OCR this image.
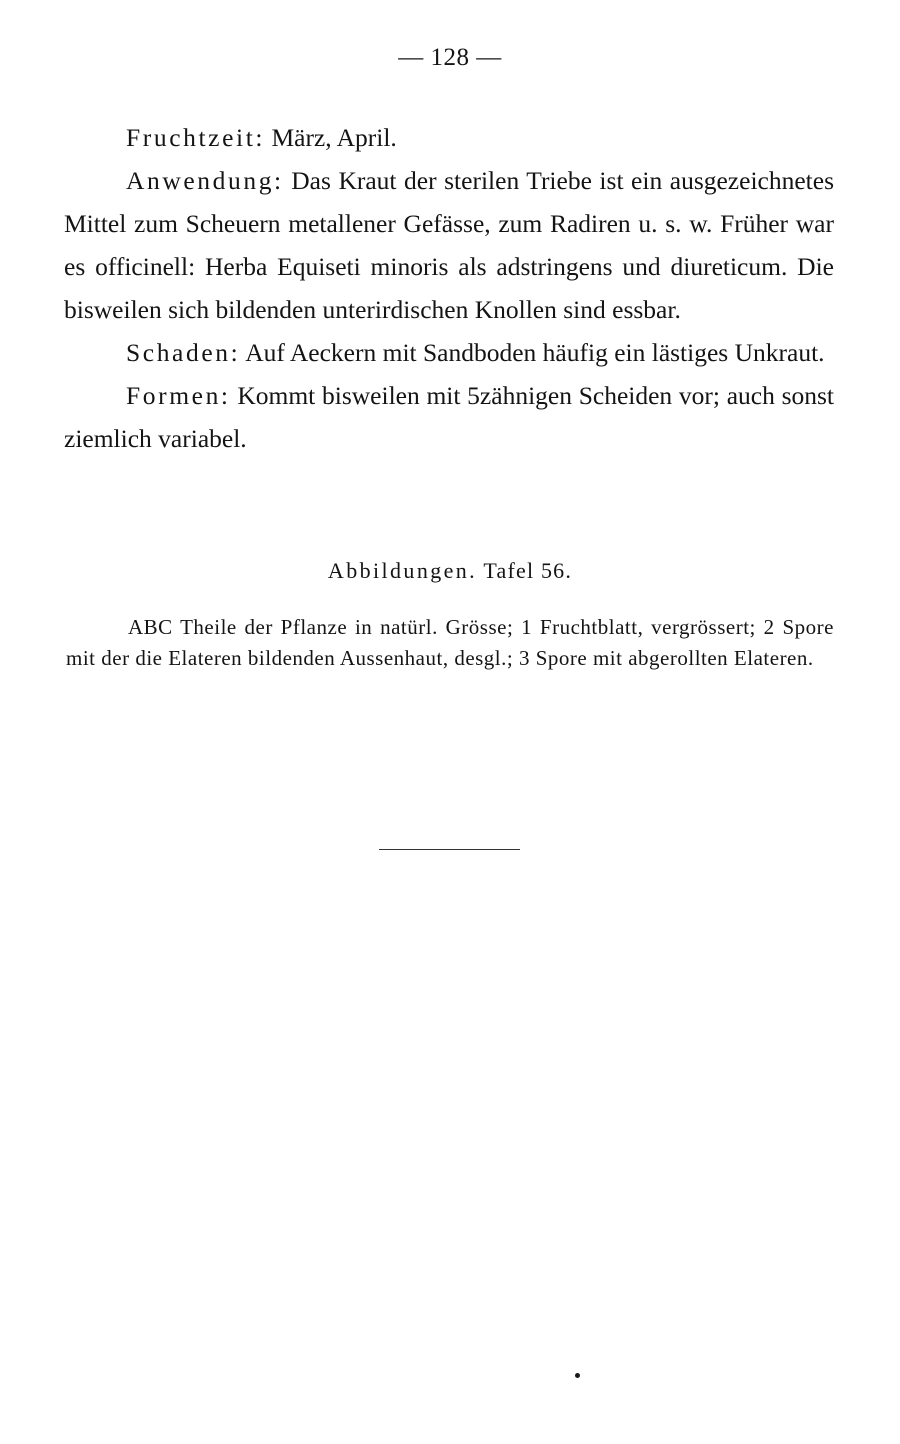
— 128 —

Fruchtzeit: März, April.

Anwendung: Das Kraut der sterilen Triebe ist ein ausgezeichnetes Mittel zum Scheuern metallener Gefässe, zum Radiren u. s. w. Früher war es officinell: Herba Equiseti minoris als adstringens und diureticum. Die bisweilen sich bildenden unterirdischen Knollen sind essbar.

Schaden: Auf Aeckern mit Sandboden häufig ein lästiges Unkraut.

Formen: Kommt bisweilen mit 5zähnigen Scheiden vor; auch sonst ziemlich variabel.

Abbildungen. Tafel 56.

ABC Theile der Pflanze in natürl. Grösse; 1 Fruchtblatt, vergrössert; 2 Spore mit der die Elateren bildenden Aussenhaut, desgl.; 3 Spore mit abgerollten Elateren.
